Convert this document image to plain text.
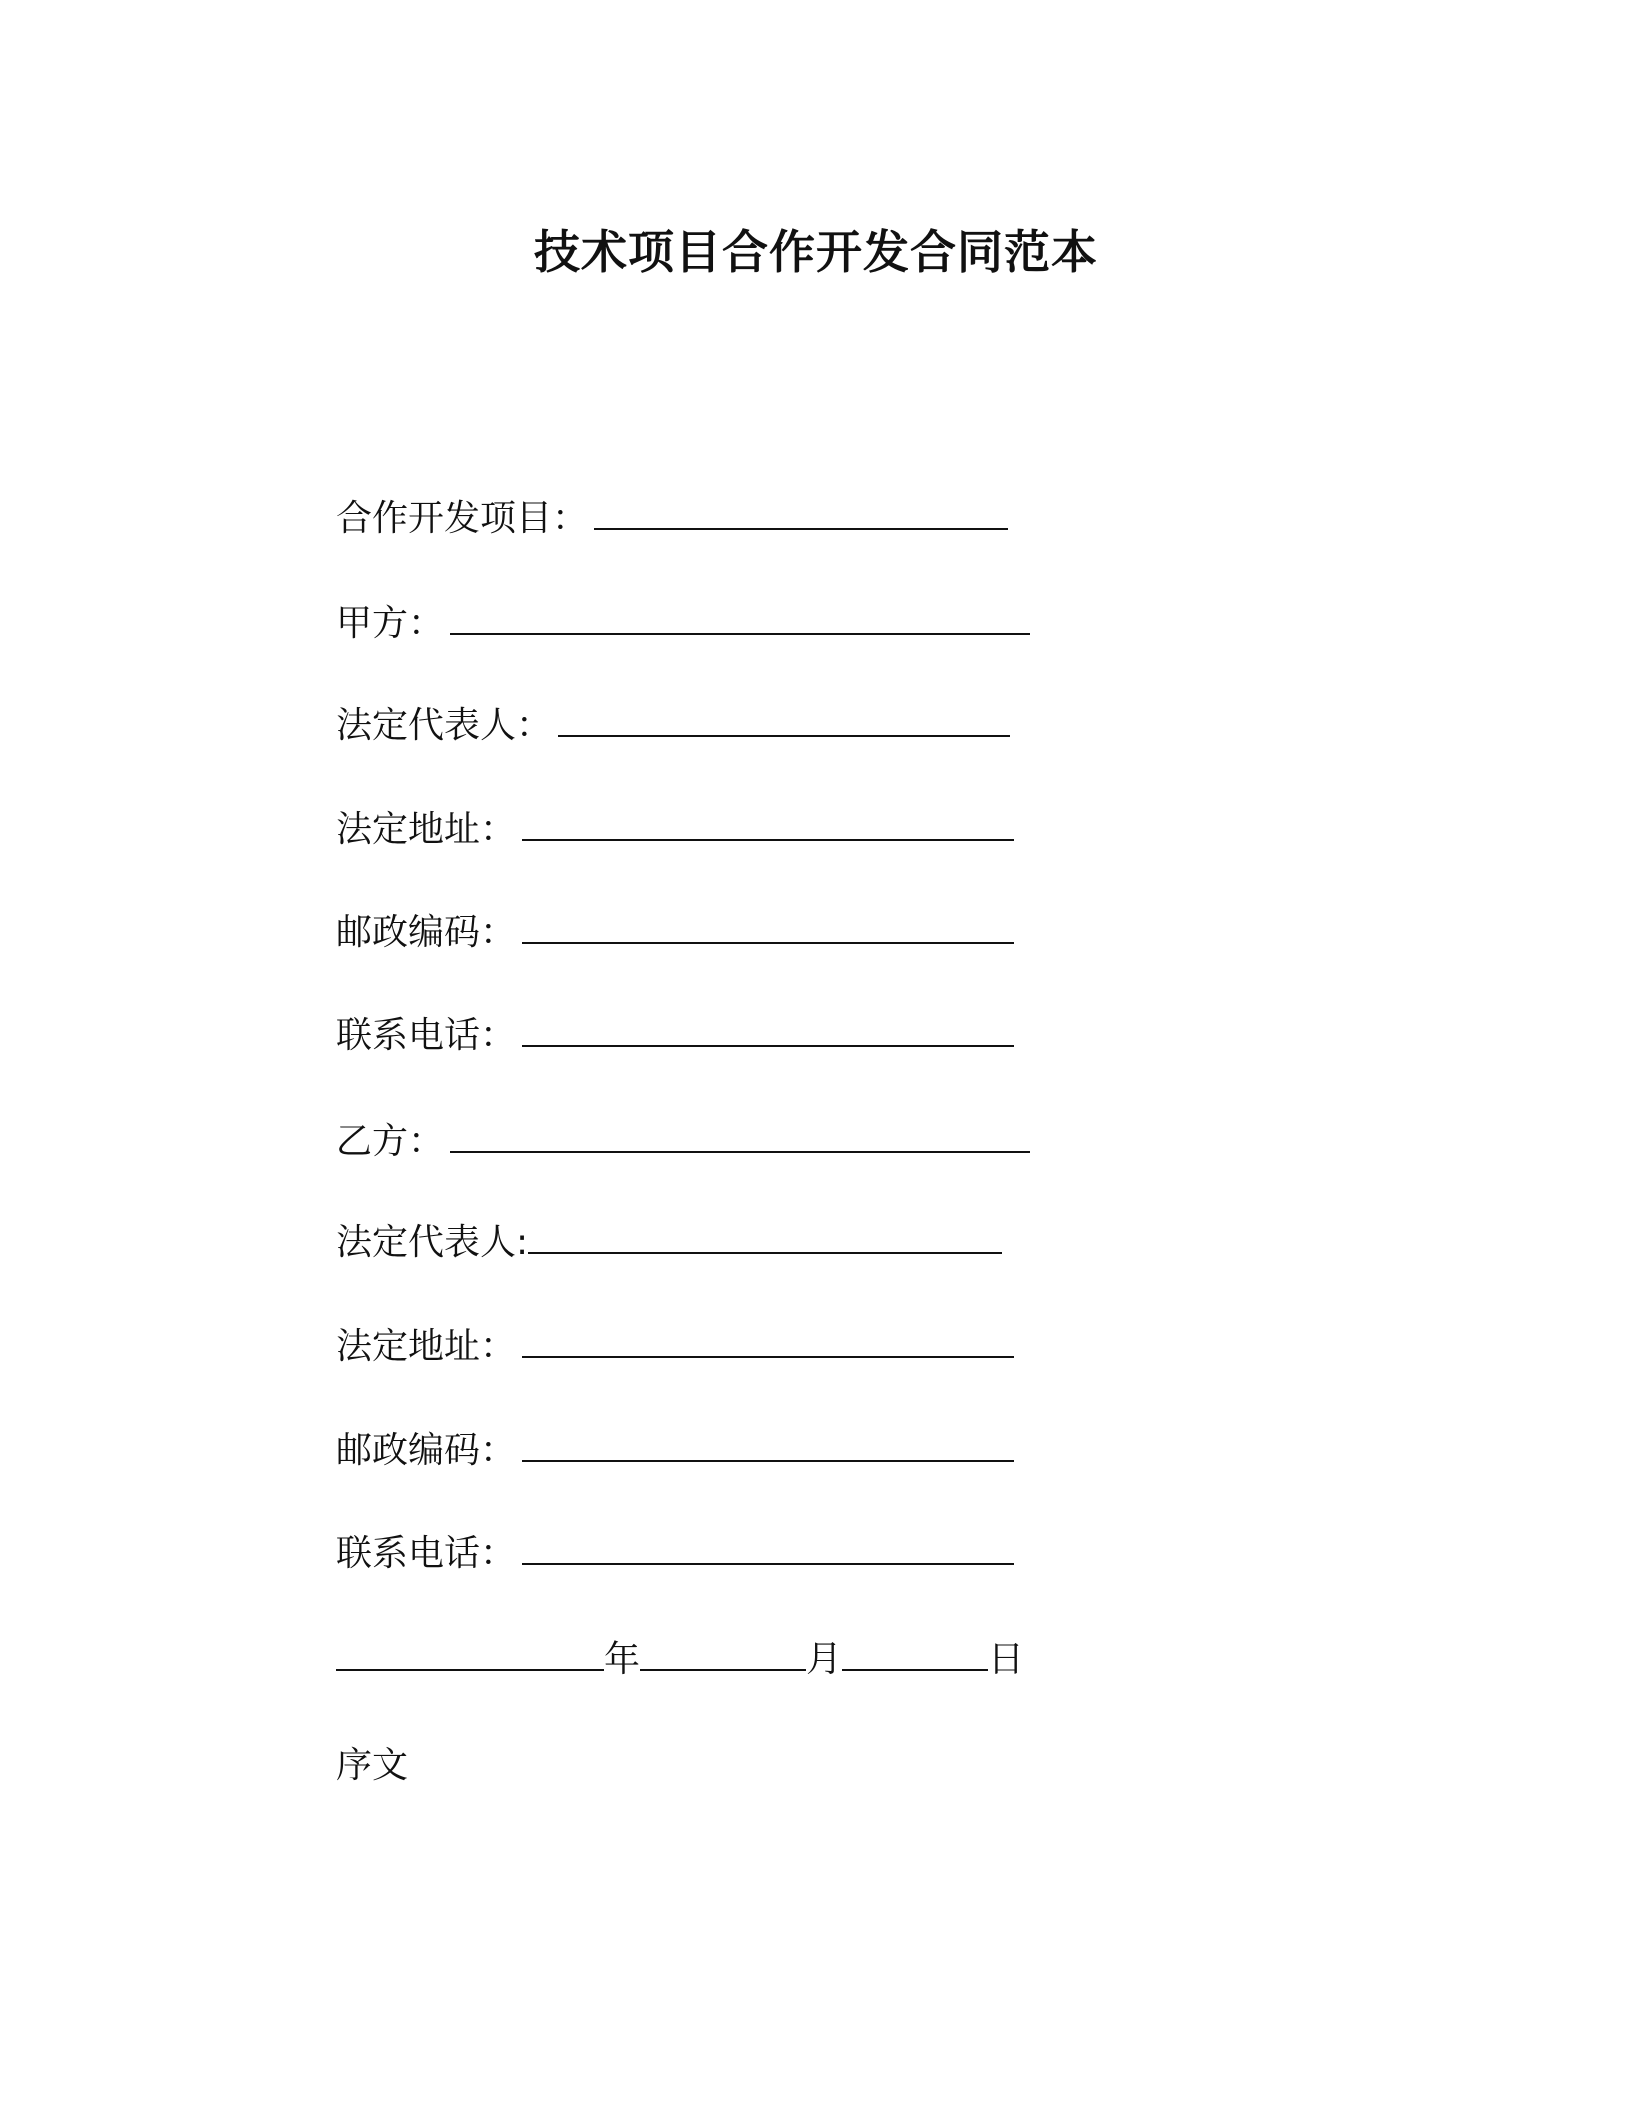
技术项目合作开发合同范本
合作开发项目：
甲方：
法定代表人：
法定地址：
邮政编码：
联系电话：
乙方：
法定代表人:
法定地址：
邮政编码：
联系电话：
年	月	日
序文
